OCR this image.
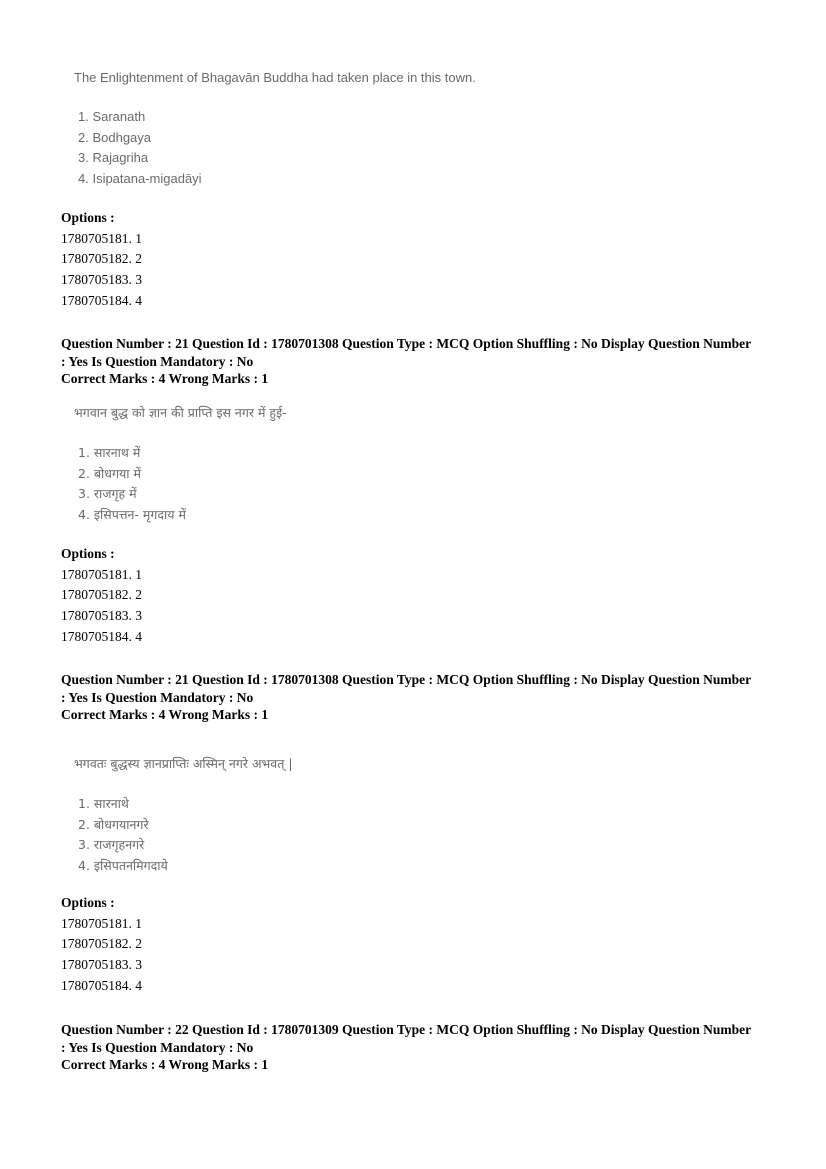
The Enlightenment of Bhagavān Buddha had taken place in this town.
1. Saranath
2. Bodhgaya
3. Rajagriha
4. Isipatana-migadāyi
Options :
1780705181. 1
1780705182. 2
1780705183. 3
1780705184. 4
Question Number : 21 Question Id : 1780701308 Question Type : MCQ Option Shuffling : No Display Question Number
: Yes Is Question Mandatory : No
Correct Marks : 4 Wrong Marks : 1
भगवान बुद्ध को ज्ञान की प्राप्ति इस नगर में हुई-
1. सारनाथ में
2. बोधगया में
3. राजगृह में
4. इसिपत्तन- मृगदाय में
Options :
1780705181. 1
1780705182. 2
1780705183. 3
1780705184. 4
Question Number : 21 Question Id : 1780701308 Question Type : MCQ Option Shuffling : No Display Question Number
: Yes Is Question Mandatory : No
Correct Marks : 4 Wrong Marks : 1
भगवतः बुद्धस्य ज्ञानप्राप्तिः अस्मिन् नगरे अभवत् |
1. सारनाथे
2. बोधगयानगरे
3. राजगृहनगरे
4. इसिपतनमिगदाये
Options :
1780705181. 1
1780705182. 2
1780705183. 3
1780705184. 4
Question Number : 22 Question Id : 1780701309 Question Type : MCQ Option Shuffling : No Display Question Number
: Yes Is Question Mandatory : No
Correct Marks : 4 Wrong Marks : 1
